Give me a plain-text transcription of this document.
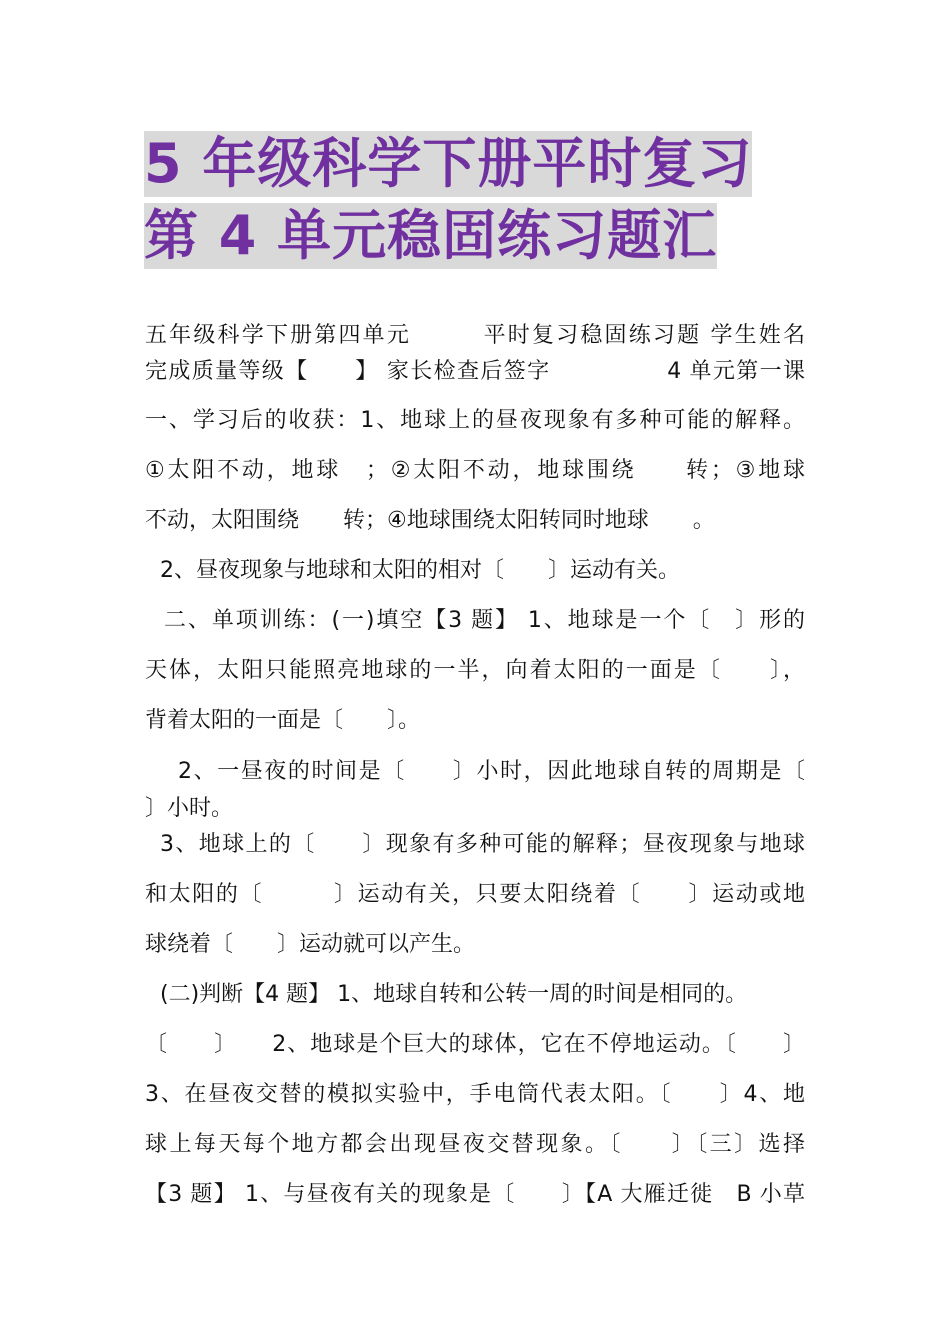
5 年级科学下册平时复习
第 4 单元稳固练习题汇
五年级科学下册第四单元　　　平时复习稳固练习题 学生姓名
完成质量等级【　　】 家长检查后签字　　　　　4 单元第一课
一、学习后的收获：1、地球上的昼夜现象有多种可能的解释。
①太阳不动，地球　；②太阳不动，地球围绕　　转；③地球
不动，太阳围绕　　转；④地球围绕太阳转同时地球　　。
2、昼夜现象与地球和太阳的相对〔　　〕运动有关。
二、单项训练：(一)填空【3 题】 1、地球是一个〔　〕形的
天体，太阳只能照亮地球的一半，向着太阳的一面是〔　　〕，
背着太阳的一面是〔　　〕。
2、一昼夜的时间是〔　　〕小时，因此地球自转的周期是〔
〕小时。
3、地球上的〔　　〕现象有多种可能的解释；昼夜现象与地球
和太阳的〔　　　〕运动有关，只要太阳绕着〔　　〕运动或地
球绕着〔　　〕运动就可以产生。
(二)判断【4 题】 1、地球自转和公转一周的时间是相同的。
〔　　〕　　2、地球是个巨大的球体，它在不停地运动。〔　　〕
3、在昼夜交替的模拟实验中，手电筒代表太阳。〔　　〕4、地
球上每天每个地方都会出现昼夜交替现象。〔　　〕〔三〕选择
【3 题】 1、与昼夜有关的现象是〔　　〕【A 大雁迁徙　B 小草
